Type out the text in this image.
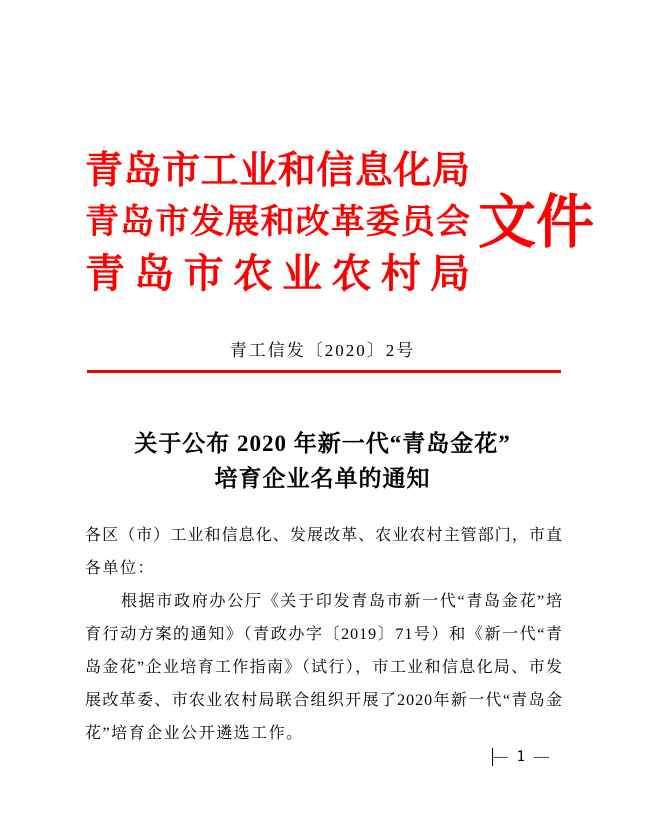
青岛市工业和信息化局
青岛市发展和改革委员会
青岛市农业农村局
文件
青工信发〔2020〕2号
关于公布 2020 年新一代“青岛金花”
培育企业名单的通知
各区（市）工业和信息化、发展改革、农业农村主管部门，市直
各单位：
根据市政府办公厅《关于印发青岛市新一代“青岛金花”培
育行动方案的通知》（青政办字〔2019〕71号）和《新一代“青
岛金花”企业培育工作指南》（试行），市工业和信息化局、市发
展改革委、市农业农村局联合组织开展了2020年新一代“青岛金
花”培育企业公开遴选工作。
— 1 —
